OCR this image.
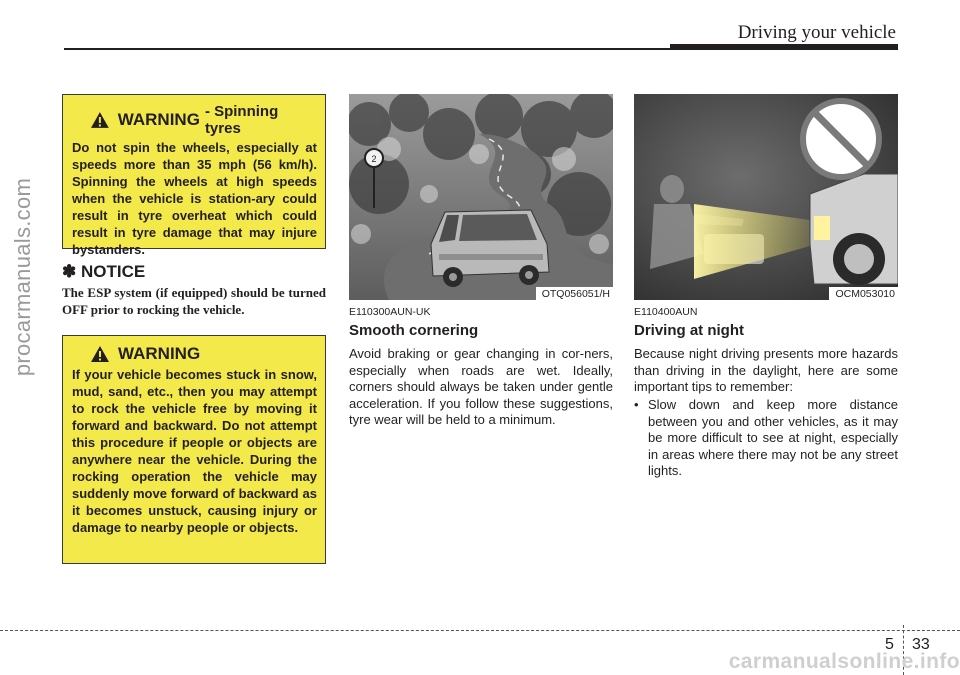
Driving your vehicle
procarmanuals.com
WARNING - Spinning tyres
Do not spin the wheels, especially at speeds more than 35 mph (56 km/h). Spinning the wheels at high speeds when the vehicle is station-ary could result in tyre overheat which could result in tyre damage that may injure bystanders.
✽ NOTICE
The ESP system (if equipped) should be turned OFF prior to rocking the vehicle.
WARNING
If your vehicle becomes stuck in snow, mud, sand, etc., then you may attempt to rock the vehicle free by moving it forward and backward. Do not attempt this procedure if people or objects are anywhere near the vehicle. During the rocking operation the vehicle may suddenly move forward of backward as it becomes unstuck, causing injury or damage to nearby people or objects.
2
OTQ056051/H	OCM053010
E110300AUN-UK
Smooth cornering
Avoid braking or gear changing in cor-ners, especially when roads are wet. Ideally, corners should always be taken under gentle acceleration. If you follow these suggestions, tyre wear will be held to a minimum.
E110400AUN
Driving at night
Because night driving presents more hazards than driving in the daylight, here are some important tips to remember:
• Slow down and keep more distance between you and other vehicles, as it may be more difficult to see at night, especially in areas where there may not be any street lights.
5 33
carmanualsonline.info
